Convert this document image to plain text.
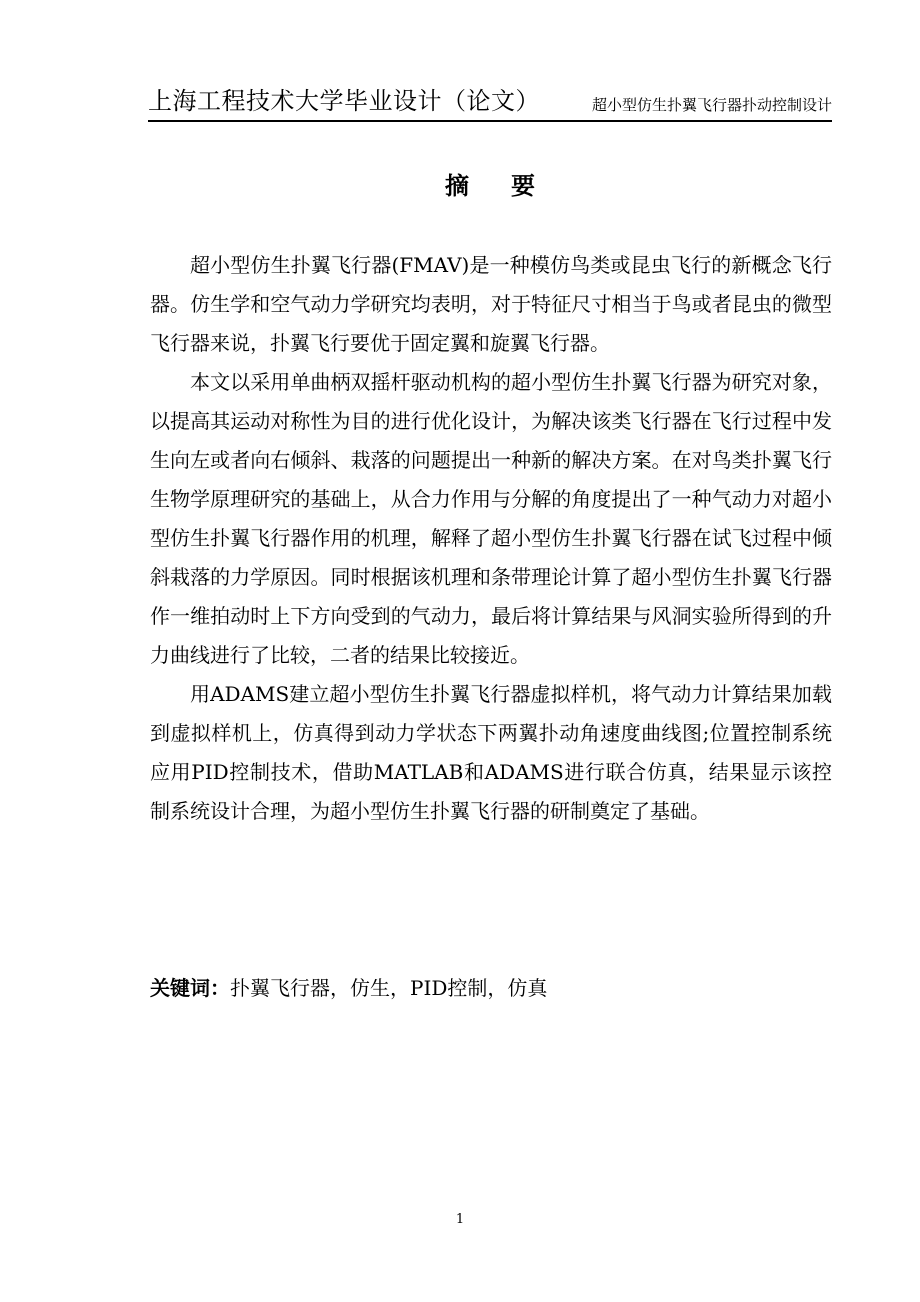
上海工程技术大学毕业设计（论文）	超小型仿生扑翼飞行器扑动控制设计
摘要

超小型仿生扑翼飞行器(FMAV)是一种模仿鸟类或昆虫飞行的新概念飞行器。仿生学和空气动力学研究均表明，对于特征尺寸相当于鸟或者昆虫的微型飞行器来说，扑翼飞行要优于固定翼和旋翼飞行器。

本文以采用单曲柄双摇杆驱动机构的超小型仿生扑翼飞行器为研究对象，以提高其运动对称性为目的进行优化设计，为解决该类飞行器在飞行过程中发生向左或者向右倾斜、栽落的问题提出一种新的解决方案。在对鸟类扑翼飞行生物学原理研究的基础上，从合力作用与分解的角度提出了一种气动力对超小型仿生扑翼飞行器作用的机理，解释了超小型仿生扑翼飞行器在试飞过程中倾斜栽落的力学原因。同时根据该机理和条带理论计算了超小型仿生扑翼飞行器作一维拍动时上下方向受到的气动力，最后将计算结果与风洞实验所得到的升力曲线进行了比较，二者的结果比较接近。

用ADAMS建立超小型仿生扑翼飞行器虚拟样机，将气动力计算结果加载到虚拟样机上，仿真得到动力学状态下两翼扑动角速度曲线图;位置控制系统应用PID控制技术，借助MATLAB和ADAMS进行联合仿真，结果显示该控制系统设计合理，为超小型仿生扑翼飞行器的研制奠定了基础。

关键词：扑翼飞行器，仿生，PID控制，仿真
1
